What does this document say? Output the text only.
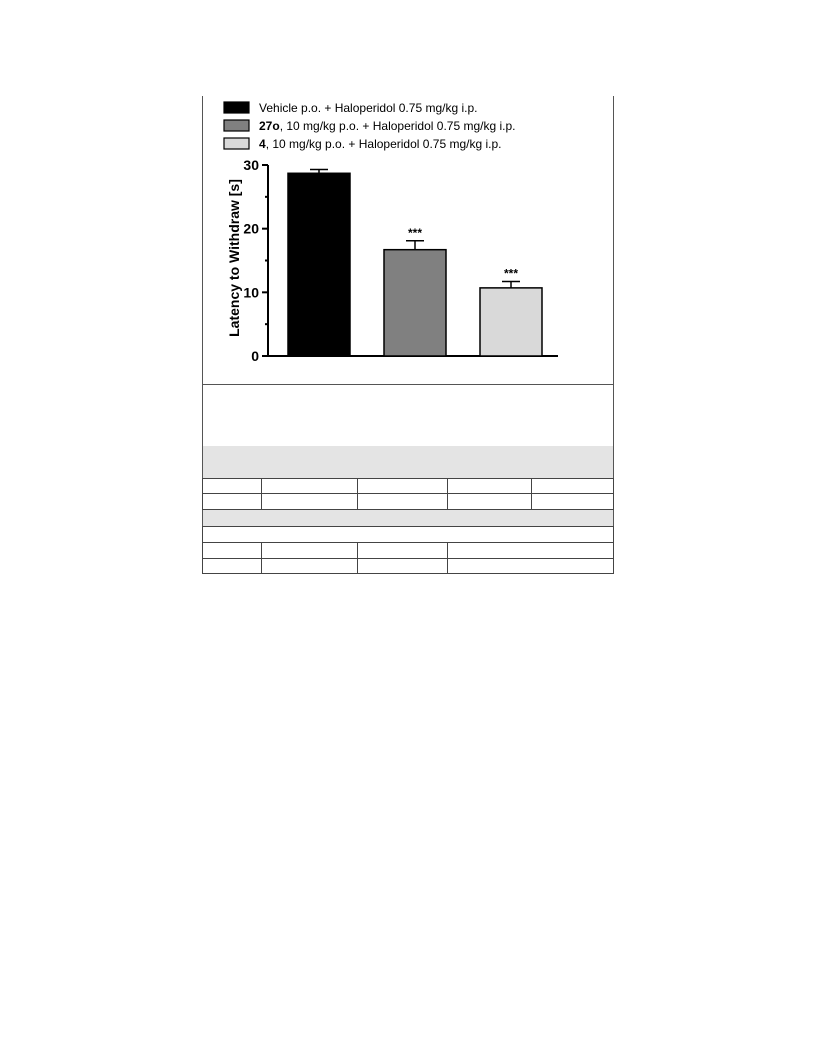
Vehicle p.o. + Haloperidol 0.75 mg/kg i.p.
27o, 10 mg/kg p.o. + Haloperidol 0.75 mg/kg i.p.
4, 10 mg/kg p.o. + Haloperidol 0.75 mg/kg i.p.
0
10
20
30
***
***
Latency to Withdraw [s]
